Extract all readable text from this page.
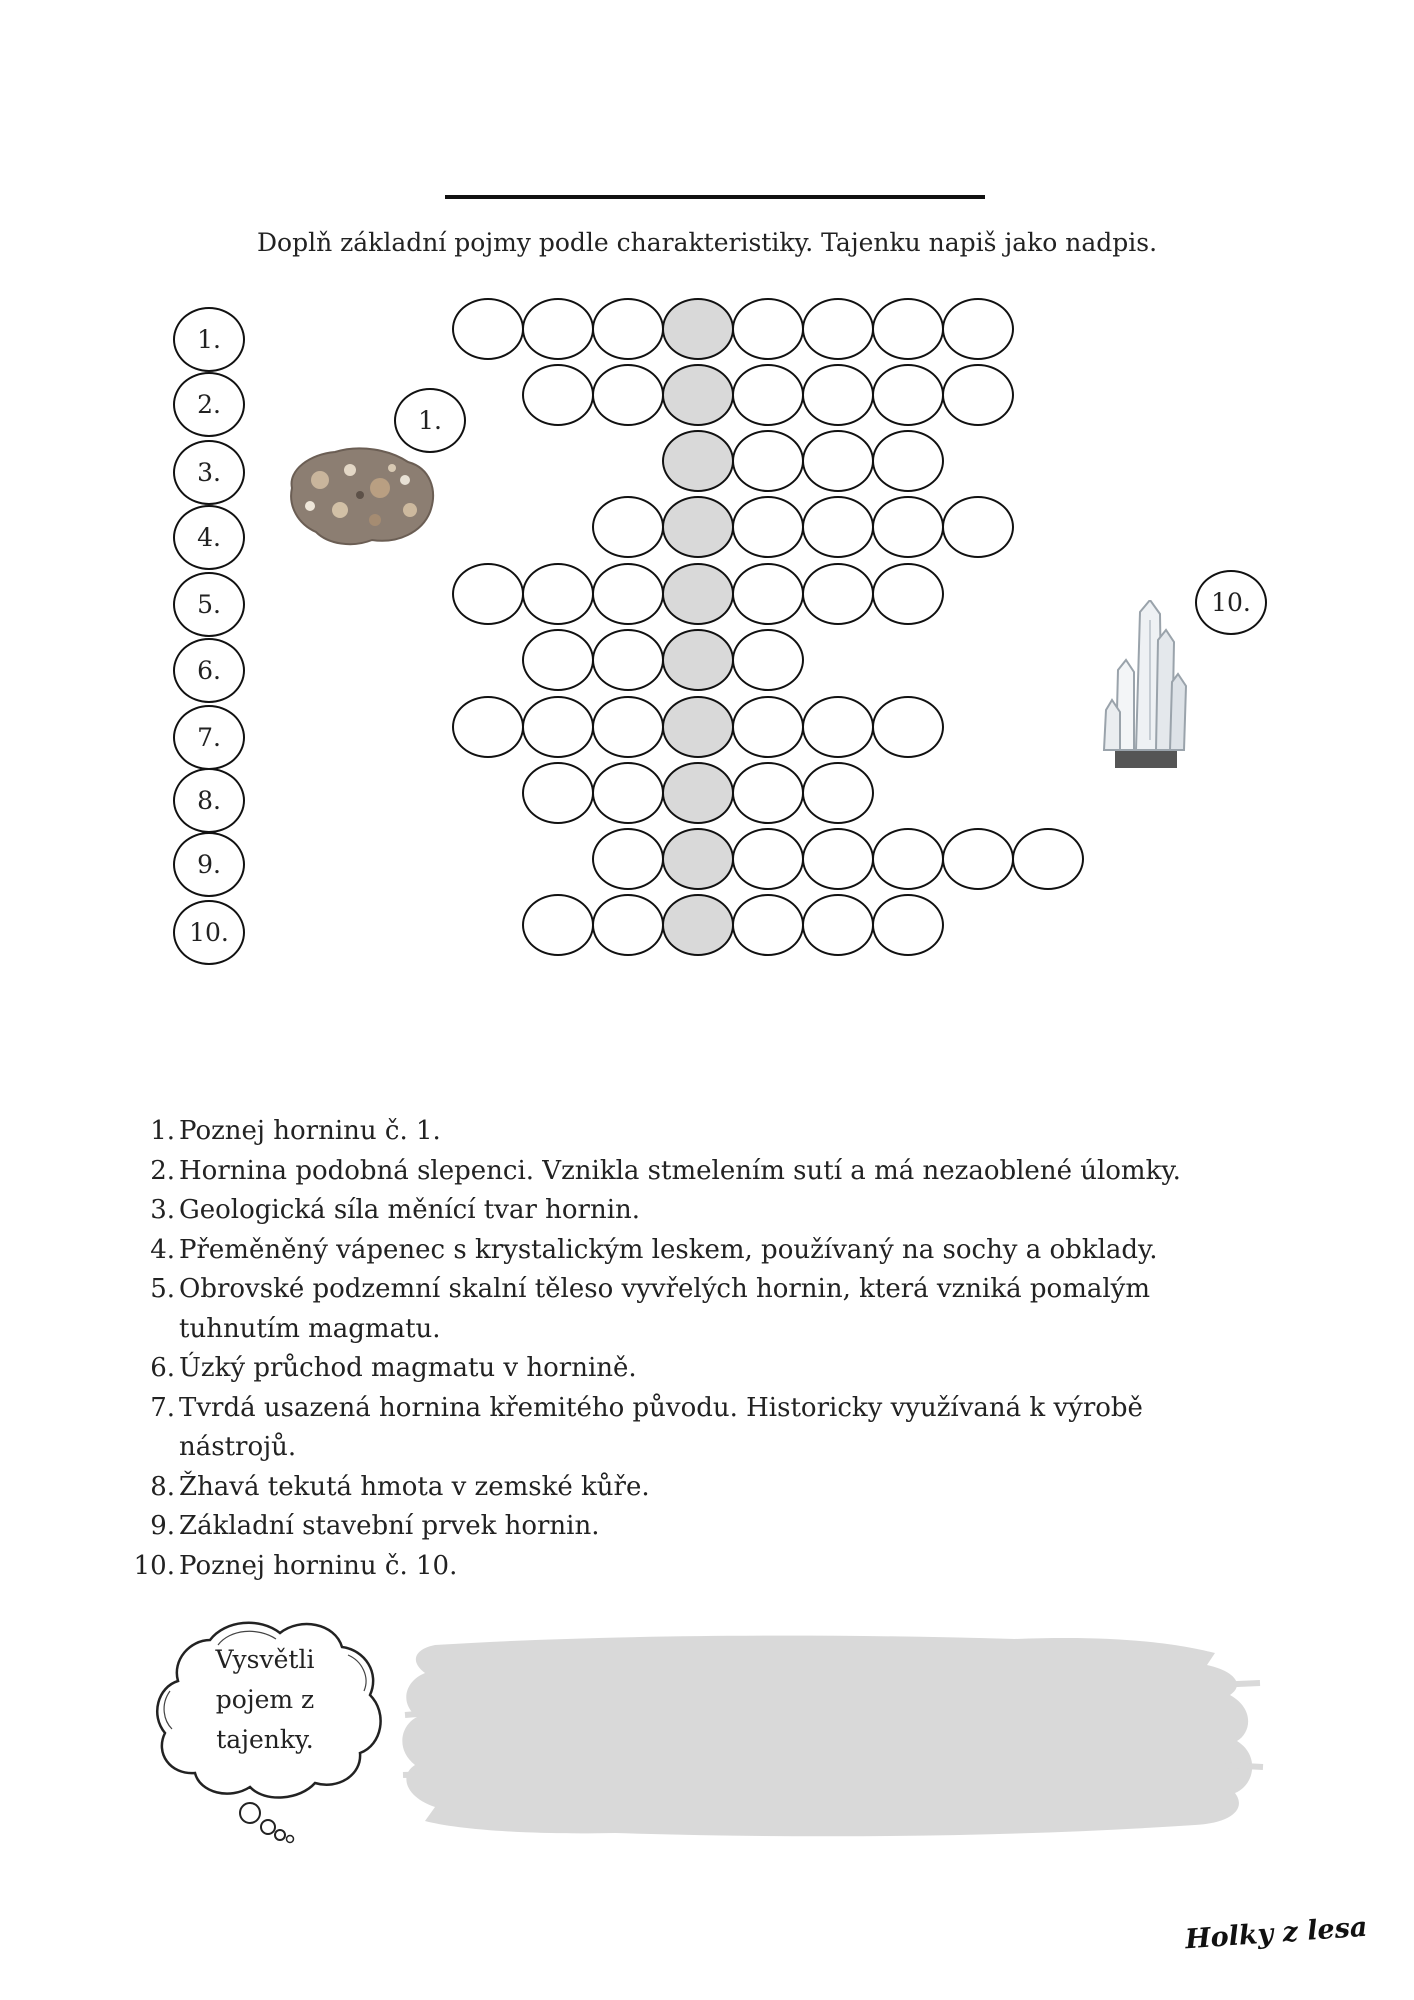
Doplň základní pojmy podle charakteristiky. Tajenku napiš jako nadpis.
1.
2.
3.
4.
5.
6.
7.
8.
9.
10.
1.
10.
1. Poznej horninu č. 1.
2. Hornina podobná slepenci. Vznikla stmelením sutí a má nezaoblené úlomky.
3. Geologická síla měnící tvar hornin.
4. Přeměněný vápenec s krystalickým leskem, používaný na sochy a obklady.
5. Obrovské podzemní skalní těleso vyvřelých hornin, která vzniká pomalým tuhnutím magmatu.
6. Úzký průchod magmatu v hornině.
7. Tvrdá usazená hornina křemitého původu. Historicky využívaná k výrobě nástrojů.
8. Žhavá tekutá hmota v zemské kůře.
9. Základní stavební prvek hornin.
10. Poznej horninu č. 10.
Vysvětli
pojem z
tajenky.
Holky z lesa
